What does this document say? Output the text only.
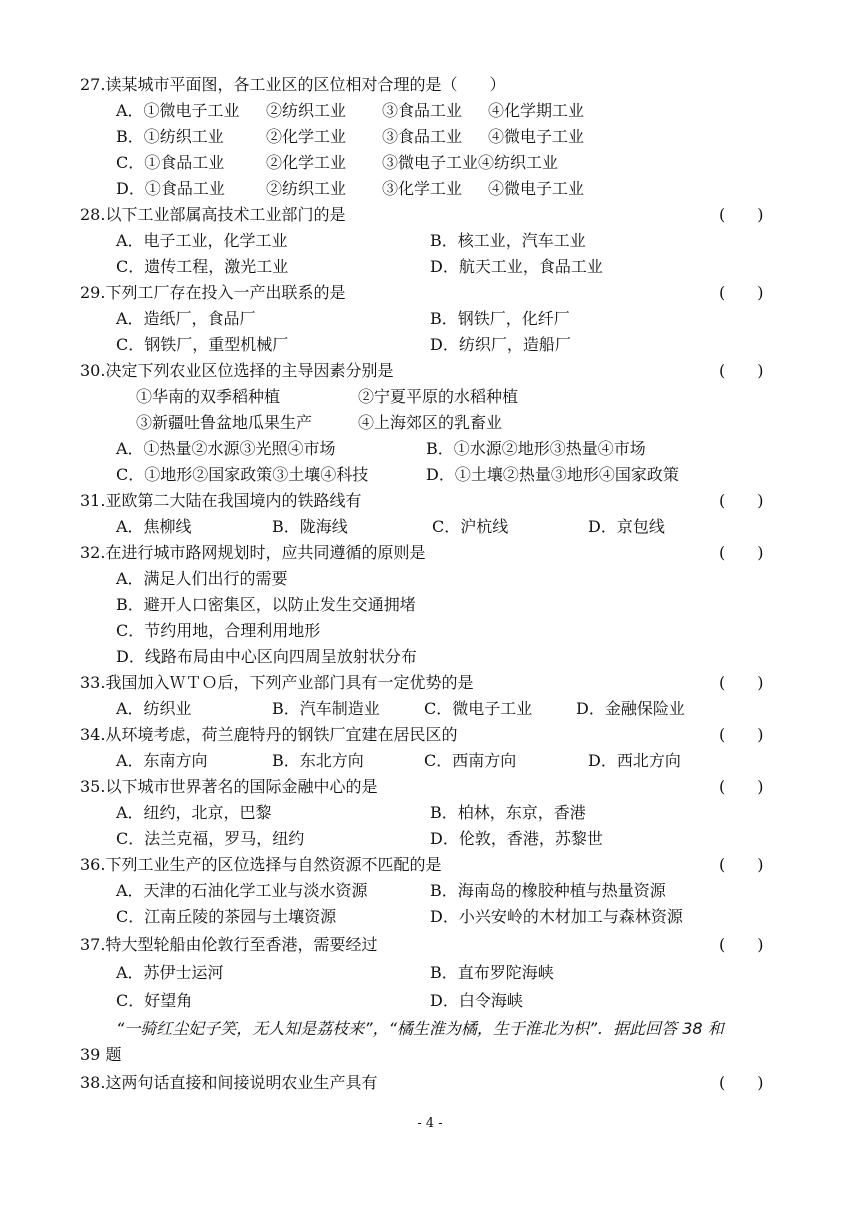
27.读某城市平面图，各工业区的区位相对合理的是（　　）
A．①微电子工业 ②纺织工业 ③食品工业 ④化学期工业
B．①纺织工业	②化学工业 ③食品工业 ④微电子工业
C．①食品工业	②化学工业 ③微电子工业④纺织工业
D．①食品工业	②纺织工业 ③化学工业 ④微电子工业
28.以下工业部属高技术工业部门的是	(　　)
A．电子工业，化学工业	B．核工业，汽车工业
C．遗传工程，激光工业	D．航天工业，食品工业
29.下列工厂存在投入一产出联系的是	(　　)
A．造纸厂，食品厂	B．钢铁厂，化纤厂
C．钢铁厂，重型机械厂	D．纺织厂，造船厂
30.决定下列农业区位选择的主导因素分别是	(　　)
①华南的双季稻种植	②宁夏平原的水稻种植
③新疆吐鲁盆地瓜果生产	④上海郊区的乳畜业
A．①热量②水源③光照④市场	B．①水源②地形③热量④市场
C．①地形②国家政策③土壤④科技	D．①土壤②热量③地形④国家政策
31.亚欧第二大陆在我国境内的铁路线有	(　　)
A．焦柳线	B．陇海线	C．沪杭线	D．京包线
32.在进行城市路网规划时，应共同遵循的原则是	(　　)
A．满足人们出行的需要
B．避开人口密集区，以防止发生交通拥堵
C．节约用地，合理利用地形
D．线路布局由中心区向四周呈放射状分布
33.我国加入ＷＴＯ后，下列产业部门具有一定优势的是	(　　)
A．纺织业	B．汽车制造业	C．微电子工业	D．金融保险业
34.从环境考虑，荷兰鹿特丹的钢铁厂宜建在居民区的	(　　)
A．东南方向	B．东北方向	C．西南方向	D．西北方向
35.以下城市世界著名的国际金融中心的是	(　　)
A．纽约，北京，巴黎	B．柏林，东京，香港
C．法兰克福，罗马，纽约	D．伦敦，香港，苏黎世
36.下列工业生产的区位选择与自然资源不匹配的是	(　　)
A．天津的石油化学工业与淡水资源	B．海南岛的橡胶种植与热量资源
C．江南丘陵的茶园与土壤资源	D．小兴安岭的木材加工与森林资源
37.特大型轮船由伦敦行至香港，需要经过	(　　)
A．苏伊士运河	B．直布罗陀海峡
C．好望角	D．白令海峡
“一骑红尘妃子笑，无人知是荔枝来”，“橘生淮为橘，生于淮北为枳”．据此回答 38 和
39 题
38.这两句话直接和间接说明农业生产具有	(　　)
- 4 -
